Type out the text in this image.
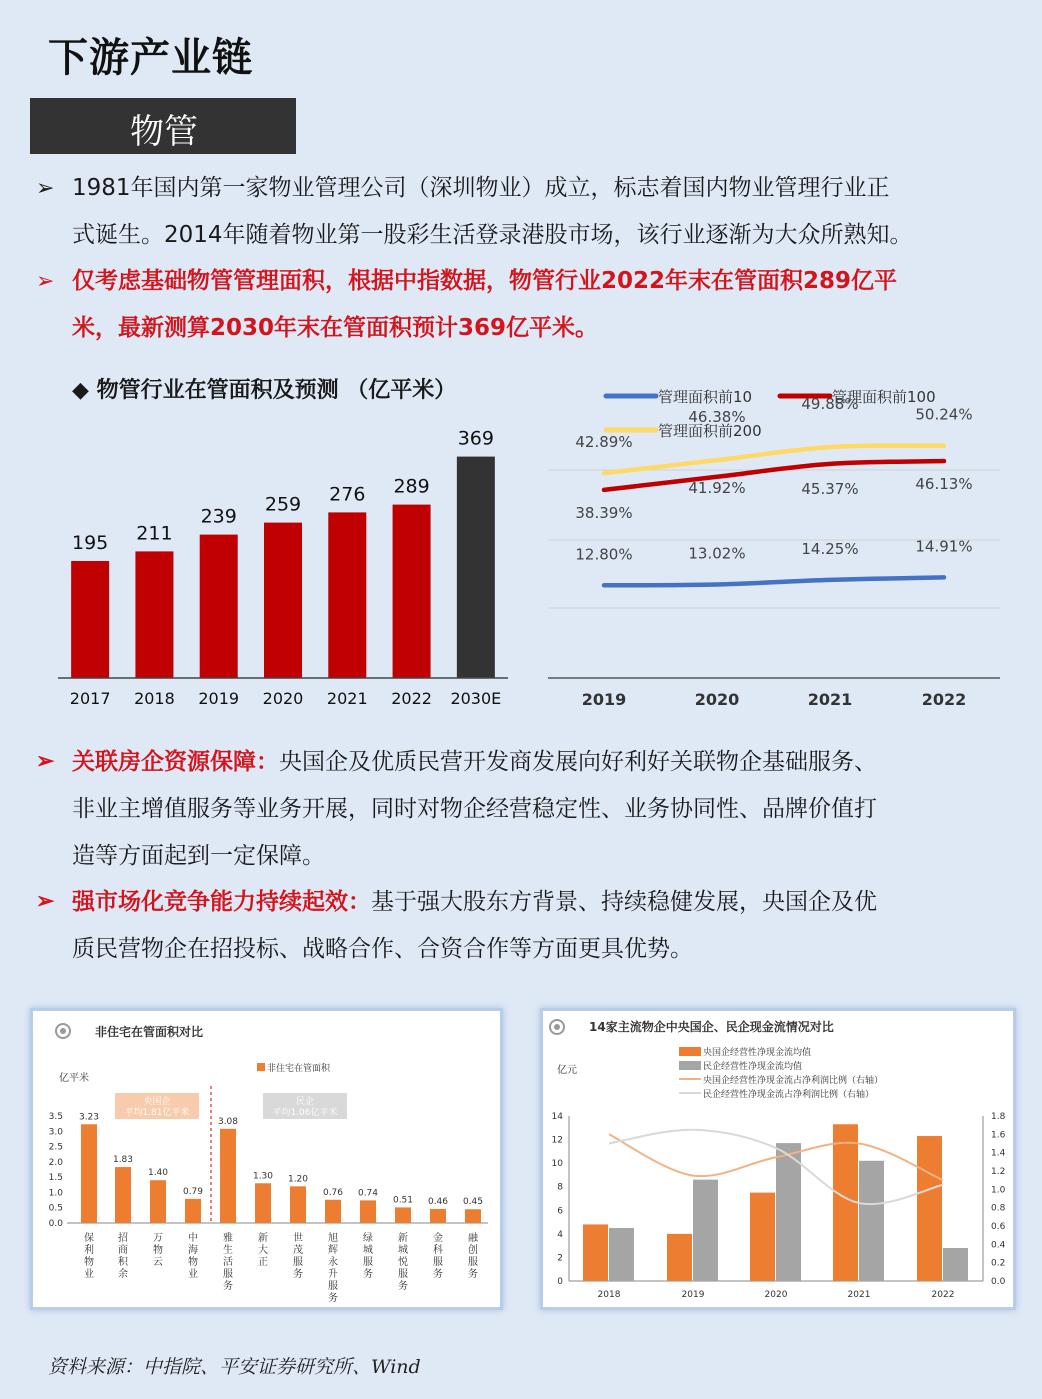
下游产业链
物管
➢ 1981年国内第一家物业管理公司（深圳物业）成立，标志着国内物业管理行业正
式诞生。2014年随着物业第一股彩生活登录港股市场，该行业逐渐为大众所熟知。
➢ 仅考虑基础物管管理面积，根据中指数据，物管行业2022年末在管面积289亿平
米，最新测算2030年末在管面积预计369亿平米。
◆ 物管行业在管面积及预测 （亿平米）
195
2017
211
2018
239
2019
259
2020
276
2021
289
2022
369
2030E
管理面积前10	管理面积前100
管理面积前200
12.80%	13.02%	14.25%	14.91%
38.39%
41.92%	45.37%	46.13%
42.89%
46.38%
49.88%
50.24%
2019	2020	2021	2022
➢ 关联房企资源保障：央国企及优质民营开发商发展向好利好关联物企基础服务、
非业主增值服务等业务开展，同时对物企经营稳定性、业务协同性、品牌价值打
造等方面起到一定保障。
➢ 强市场化竞争能力持续起效：基于强大股东方背景、持续稳健发展，央国企及优
质民营物企在招投标、战略合作、合资合作等方面更具优势。
非住宅在管面积对比
亿平米
非住宅在管面积
央国企
平均1.81亿平米
民企
平均1.06亿平米
0.0
0.5
1.0
1.5
2.0
2.5
3.0
3.5 3.23
保利物业
1.83
招商积余
1.40
万物云
0.79
中海物业
3.08
雅生活服务
1.30
新大正
1.20
世茂服务
0.76
旭辉永升服务
0.74
绿城服务
0.51
新城悦服务
0.46
金科服务
0.45
融创服务
14家主流物企中央国企、民企现金流情况对比
亿元
央国企经营性净现金流均值
民企经营性净现金流均值
央国企经营性净现金流占净利润比例（右轴）
民企经营性净现金流占净利润比例（右轴）
0
2
4
6
8
10
12
14
0.0
0.2
0.4
0.6
0.8
1.0
1.2
1.4
1.6
1.8
2018	2019	2020	2021	2022
资料来源：中指院、平安证券研究所、Wind
